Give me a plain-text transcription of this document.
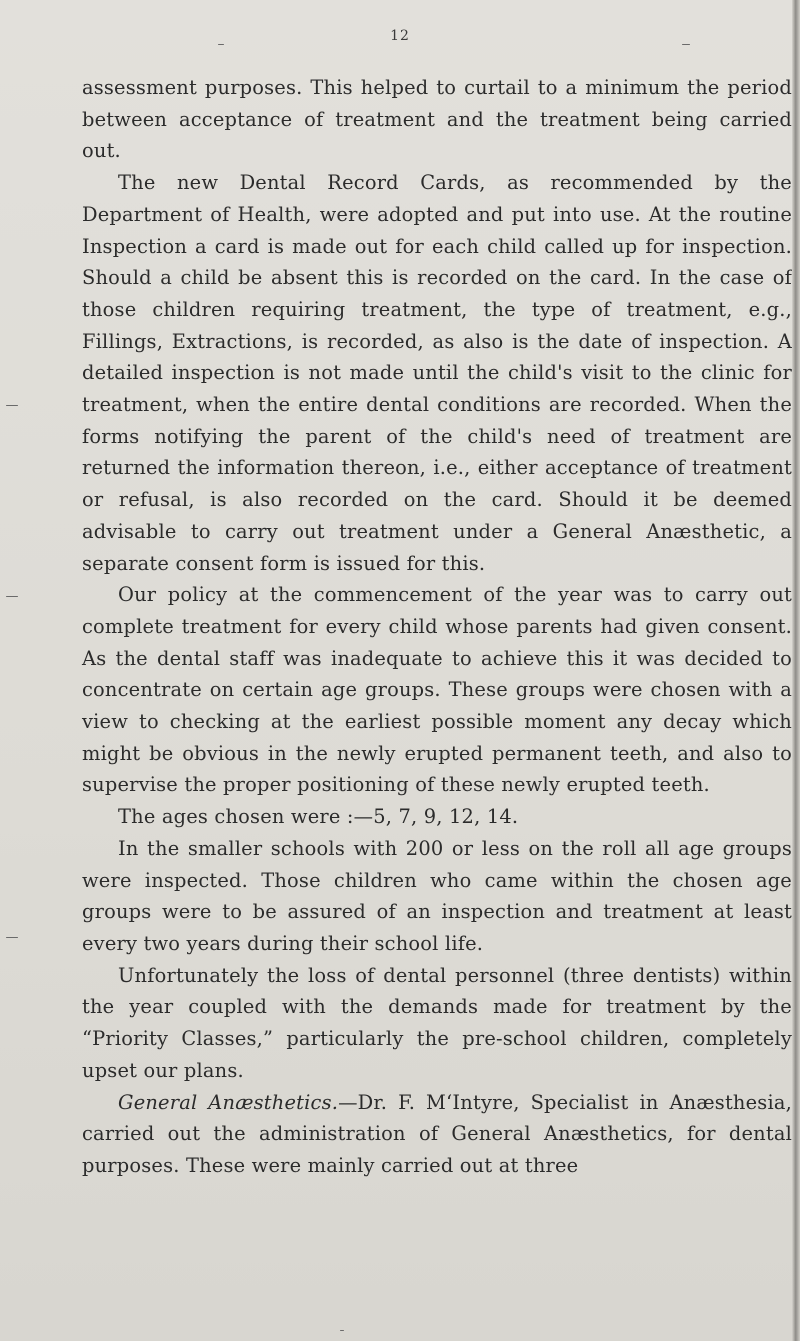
12

assessment purposes. This helped to curtail to a minimum the period between acceptance of treatment and the treatment being carried out.

The new Dental Record Cards, as recommended by the Department of Health, were adopted and put into use. At the routine Inspection a card is made out for each child called up for inspection. Should a child be absent this is recorded on the card. In the case of those children requiring treatment, the type of treatment, e.g., Fillings, Extractions, is recorded, as also is the date of inspection. A detailed inspection is not made until the child's visit to the clinic for treatment, when the entire dental conditions are recorded. When the forms notifying the parent of the child's need of treatment are returned the information thereon, i.e., either acceptance of treatment or refusal, is also recorded on the card. Should it be deemed advisable to carry out treatment under a General Anæsthetic, a separate consent form is issued for this.

Our policy at the commencement of the year was to carry out complete treatment for every child whose parents had given consent. As the dental staff was inadequate to achieve this it was decided to concentrate on certain age groups. These groups were chosen with a view to checking at the earliest possible moment any decay which might be obvious in the newly erupted permanent teeth, and also to supervise the proper positioning of these newly erupted teeth.

The ages chosen were :—5, 7, 9, 12, 14.

In the smaller schools with 200 or less on the roll all age groups were inspected. Those children who came within the chosen age groups were to be assured of an inspection and treatment at least every two years during their school life.

Unfortunately the loss of dental personnel (three dentists) within the year coupled with the demands made for treatment by the “Priority Classes,” particularly the pre-school children, completely upset our plans.

General Anæsthetics.—Dr. F. M‘Intyre, Specialist in Anæsthesia, carried out the administration of General Anæsthetics, for dental purposes. These were mainly carried out at three
